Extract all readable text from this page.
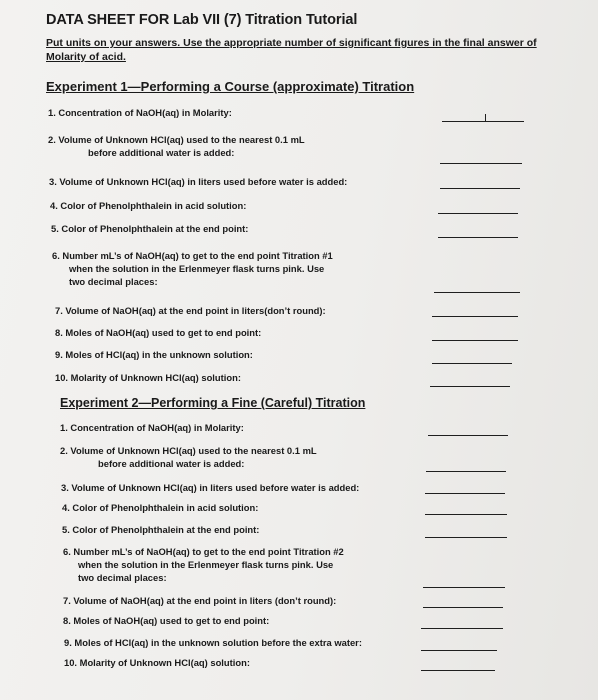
DATA SHEET FOR Lab VII (7) Titration Tutorial
Put units on your answers. Use the appropriate number of significant figures in the final answer of
Molarity of acid.
Experiment 1—Performing a Course (approximate) Titration
Experiment 2—Performing a Fine (Careful) Titration
1. Concentration of NaOH(aq) in Molarity:
2. Volume of Unknown HCl(aq) used to the nearest 0.1 mL
before additional water is added:
3. Volume of Unknown HCl(aq) in liters used before water is added:
4. Color of Phenolphthalein in acid solution:
5. Color of Phenolphthalein at the end point:
6. Number mL’s of NaOH(aq) to get to the end point Titration #1
when the solution in the Erlenmeyer flask turns pink. Use
two decimal places:
7. Volume of NaOH(aq) at the end point in liters(don’t round):
8. Moles of NaOH(aq) used to get to end point:
9. Moles of HCl(aq) in the unknown solution:
10. Molarity of Unknown HCl(aq) solution:
1. Concentration of NaOH(aq) in Molarity:
2. Volume of Unknown HCl(aq) used to the nearest 0.1 mL
before additional water is added:
3. Volume of Unknown HCl(aq) in liters used before water is added:
4. Color of Phenolphthalein in acid solution:
5. Color of Phenolphthalein at the end point:
6. Number mL’s of NaOH(aq) to get to the end point Titration #2
when the solution in the Erlenmeyer flask turns pink. Use
two decimal places:
7. Volume of NaOH(aq) at the end point in liters (don’t round):
8. Moles of NaOH(aq) used to get to end point:
9. Moles of HCl(aq) in the unknown solution before the extra water:
10. Molarity of Unknown HCl(aq) solution:
